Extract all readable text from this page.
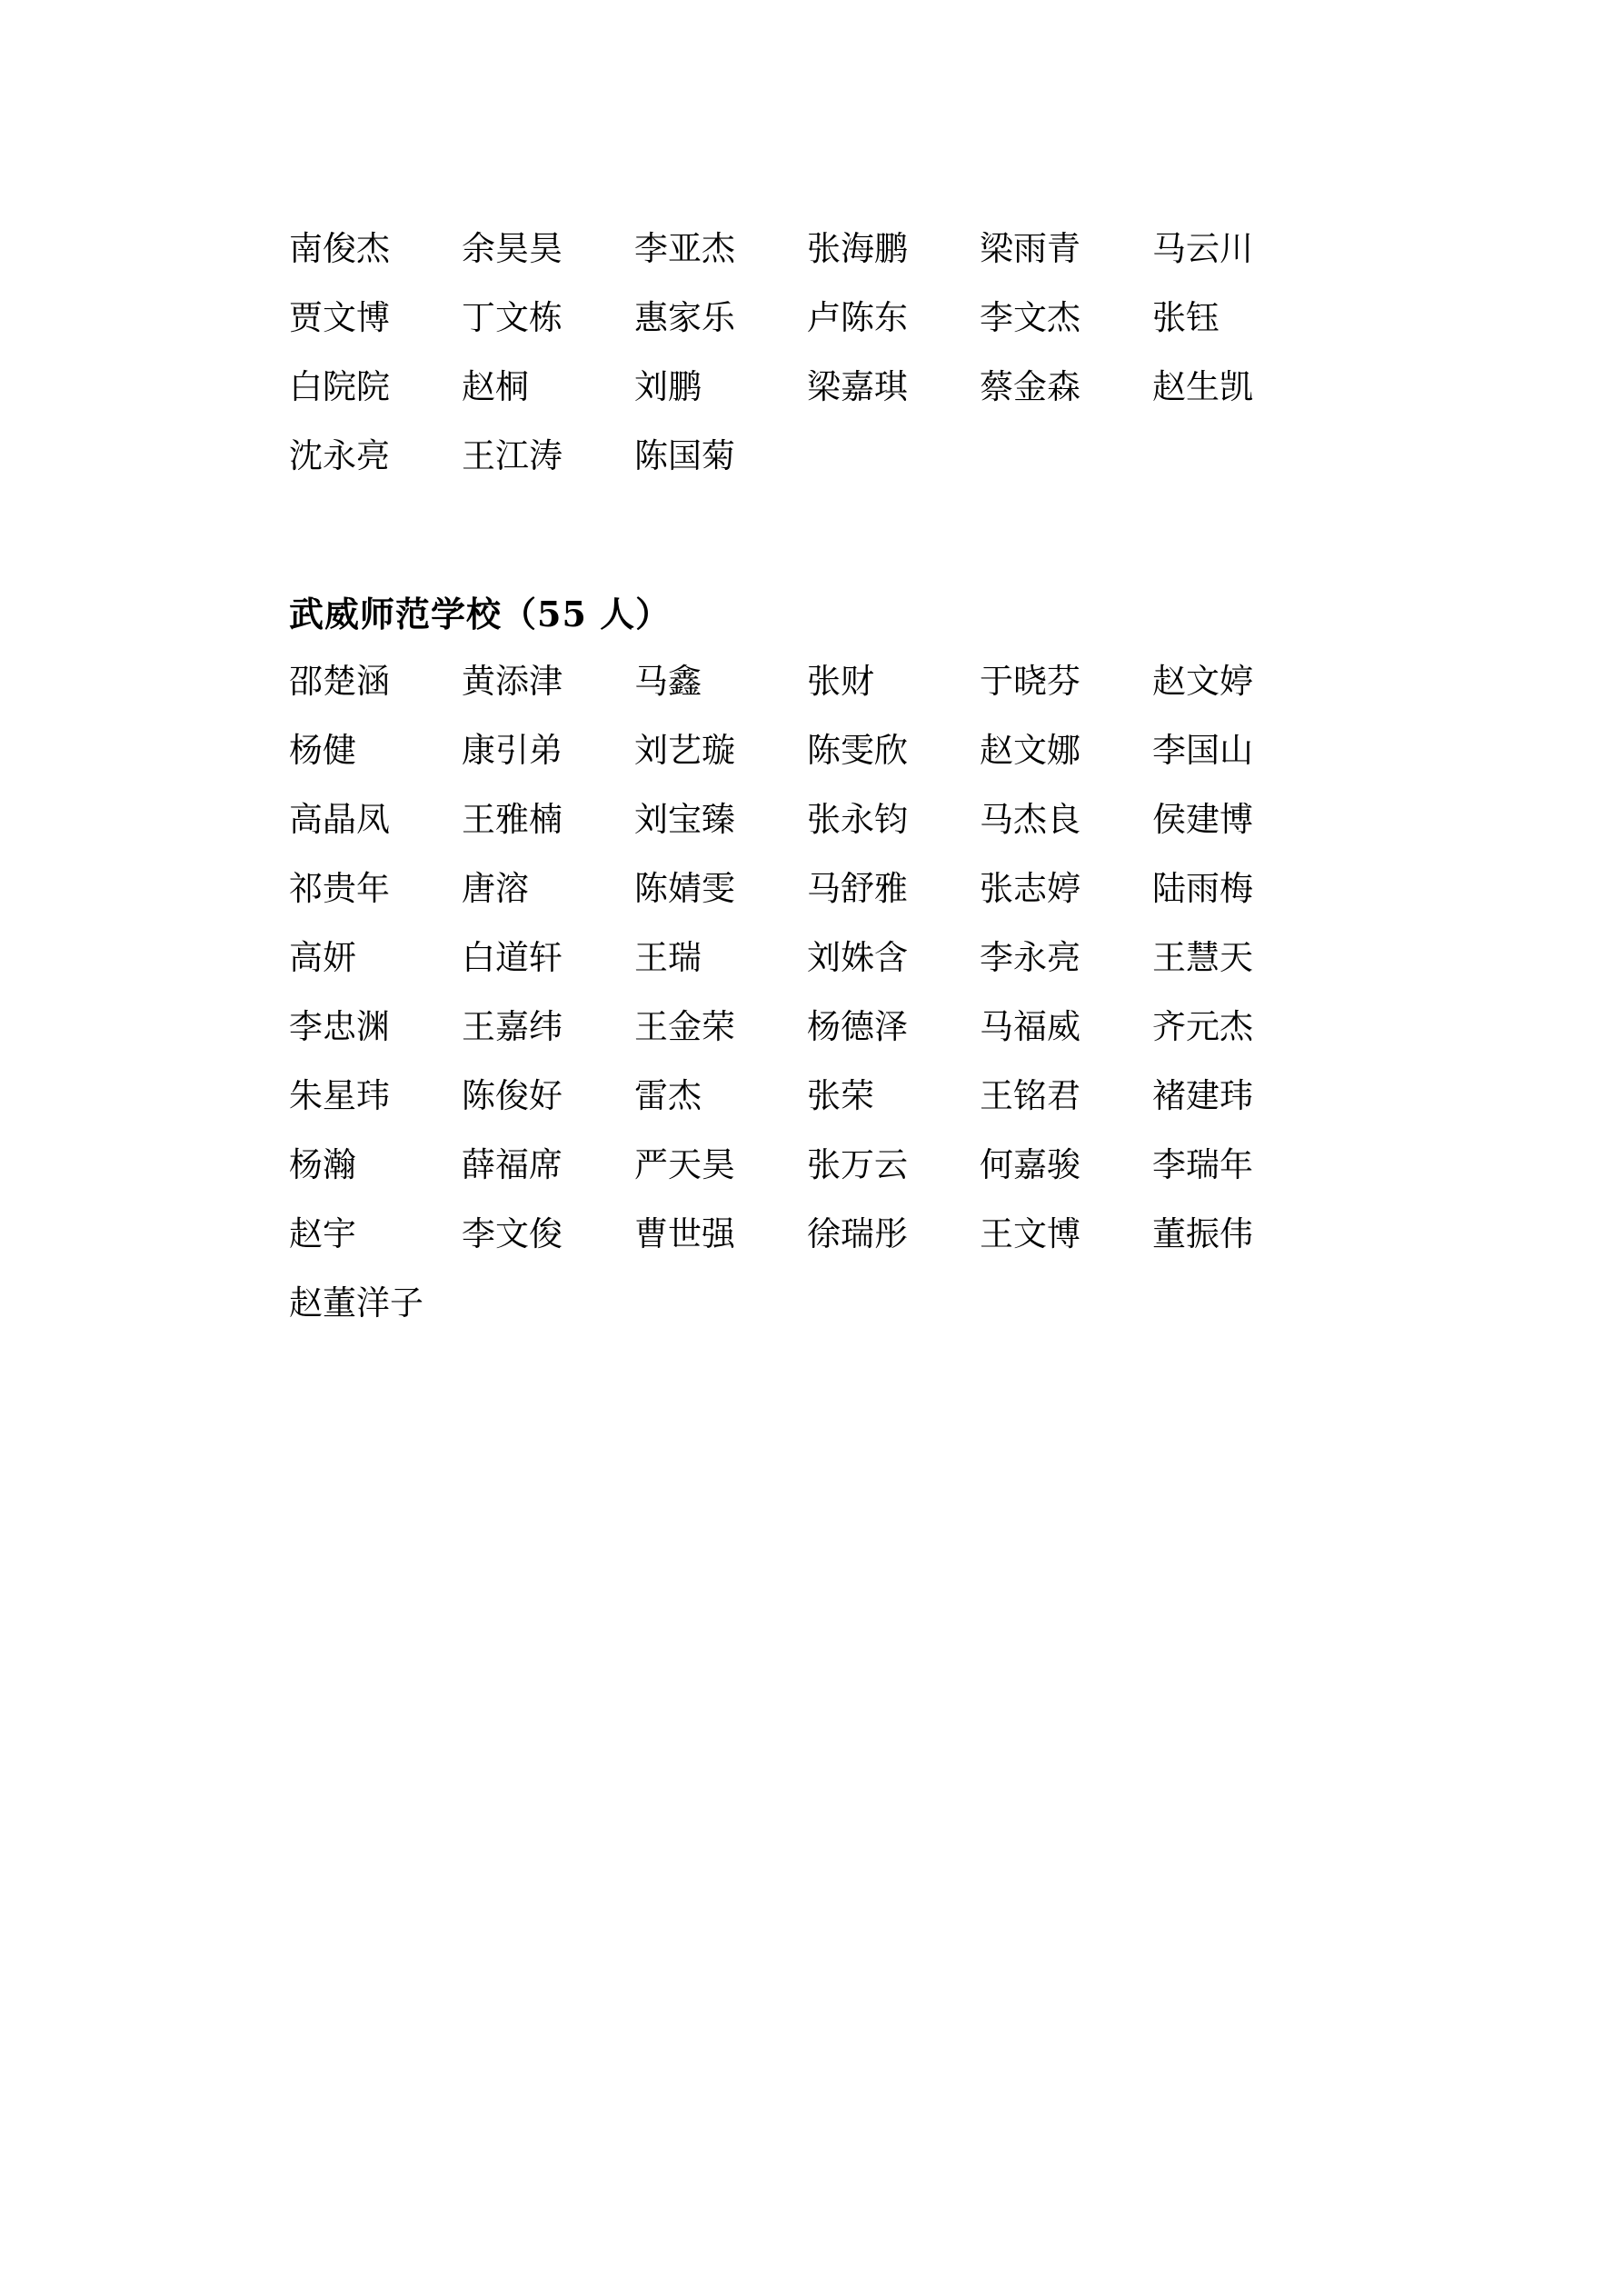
南俊杰	余昊昊	李亚杰	张海鹏	梁雨青	马云川
贾文博	丁文栋	惠家乐	卢陈东	李文杰	张钰
白院院	赵桐	刘鹏	梁嘉琪	蔡金森	赵生凯
沈永亮	王江涛	陈国菊
武威师范学校（55 人）
邵楚涵	黄添津	马鑫	张财	于晓芬	赵文婷
杨健	康引弟	刘艺璇	陈雯欣	赵文娜	李国山
高晶凤	王雅楠	刘宝臻	张永钧	马杰良	侯建博
祁贵年	唐溶	陈婧雯	马舒雅	张志婷	陆雨梅
高妍	白道轩	王瑞	刘姝含	李永亮	王慧天
李忠渊	王嘉纬	王金荣	杨德泽	马福威	齐元杰
朱星玮	陈俊好	雷杰	张荣	王铭君	褚建玮
杨瀚	薛福席	严天昊	张万云	何嘉骏	李瑞年
赵宇	李文俊	曹世强	徐瑞彤	王文博	董振伟
赵董洋子
